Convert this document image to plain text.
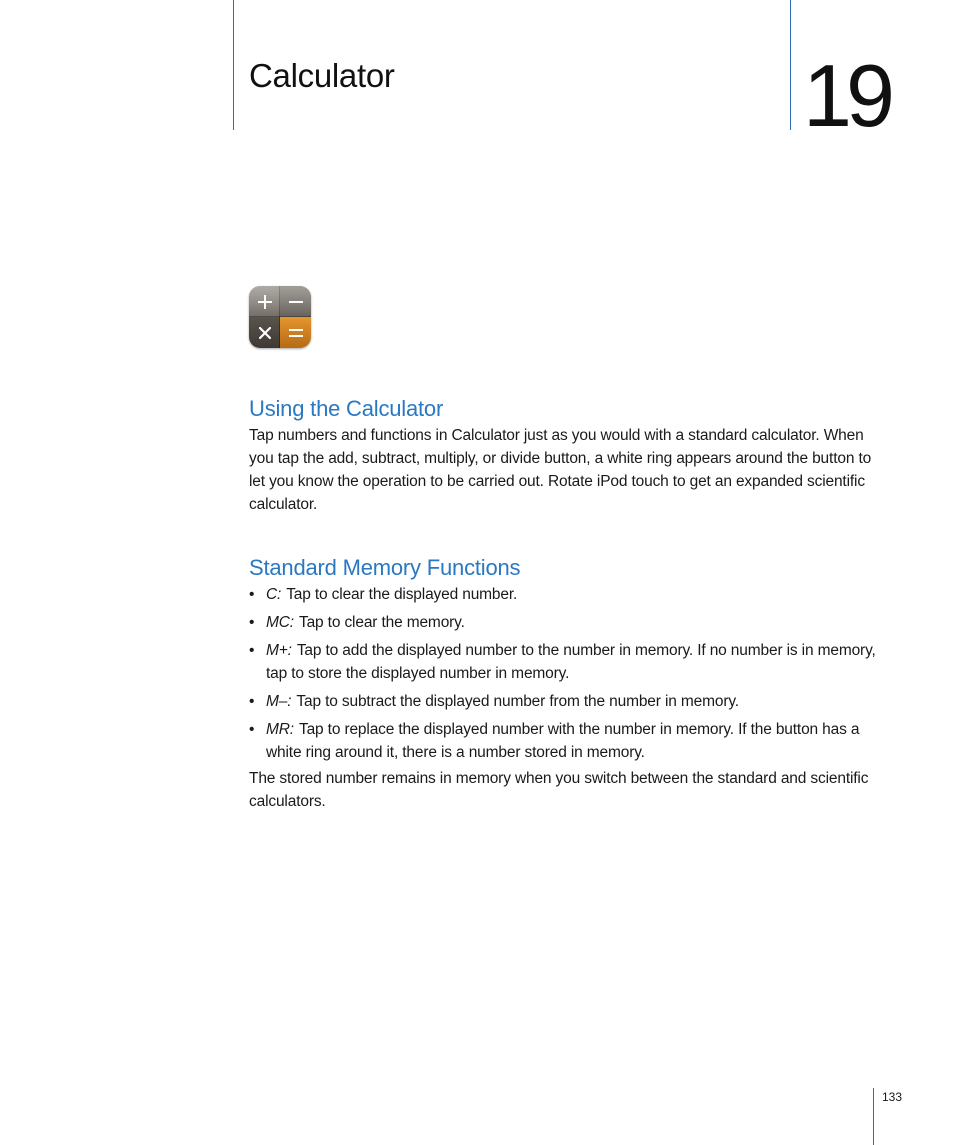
Calculator	19
Using the Calculator

Tap numbers and functions in Calculator just as you would with a standard calculator. When you tap the add, subtract, multiply, or divide button, a white ring appears around the button to let you know the operation to be carried out. Rotate iPod touch to get an expanded scientific calculator.

Standard Memory Functions
• C: Tap to clear the displayed number.
• MC: Tap to clear the memory.
• M+: Tap to add the displayed number to the number in memory. If no number is in memory, tap to store the displayed number in memory.
• M–: Tap to subtract the displayed number from the number in memory.
• MR: Tap to replace the displayed number with the number in memory. If the button has a white ring around it, there is a number stored in memory.

The stored number remains in memory when you switch between the standard and scientific calculators.

133
